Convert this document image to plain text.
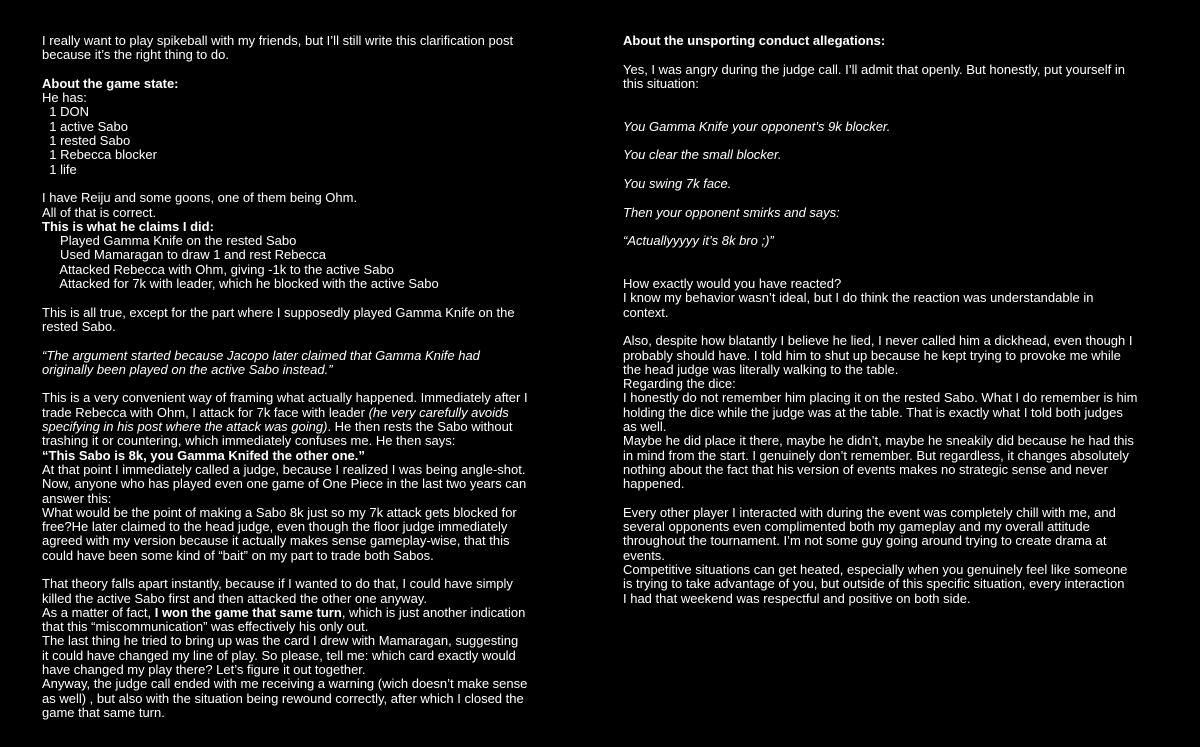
I really want to play spikeball with my friends, but I’ll still write this clarification post
because it’s the right thing to do.
About the game state:
He has:
1 DON
1 active Sabo
1 rested Sabo
1 Rebecca blocker
1 life
I have Reiju and some goons, one of them being Ohm.
All of that is correct.
This is what he claims I did:
Played Gamma Knife on the rested Sabo
Used Mamaragan to draw 1 and rest Rebecca
Attacked Rebecca with Ohm, giving -1k to the active Sabo
Attacked for 7k with leader, which he blocked with the active Sabo
This is all true, except for the part where I supposedly played Gamma Knife on the
rested Sabo.
“The argument started because Jacopo later claimed that Gamma Knife had
originally been played on the active Sabo instead.”
This is a very convenient way of framing what actually happened. Immediately after I
trade Rebecca with Ohm, I attack for 7k face with leader (he very carefully avoids
specifying in his post where the attack was going). He then rests the Sabo without
trashing it or countering, which immediately confuses me. He then says:
“This Sabo is 8k, you Gamma Knifed the other one.”
At that point I immediately called a judge, because I realized I was being angle-shot.
Now, anyone who has played even one game of One Piece in the last two years can
answer this:
What would be the point of making a Sabo 8k just so my 7k attack gets blocked for
free?He later claimed to the head judge, even though the floor judge immediately
agreed with my version because it actually makes sense gameplay-wise, that this
could have been some kind of “bait” on my part to trade both Sabos.
That theory falls apart instantly, because if I wanted to do that, I could have simply
killed the active Sabo first and then attacked the other one anyway.
As a matter of fact, I won the game that same turn, which is just another indication
that this “miscommunication” was effectively his only out.
The last thing he tried to bring up was the card I drew with Mamaragan, suggesting
it could have changed my line of play. So please, tell me: which card exactly would
have changed my play there? Let’s figure it out together.
Anyway, the judge call ended with me receiving a warning (wich doesn’t make sense
as well) , but also with the situation being rewound correctly, after which I closed the
game that same turn.
About the unsporting conduct allegations:
Yes, I was angry during the judge call. I’ll admit that openly. But honestly, put yourself in
this situation:
You Gamma Knife your opponent’s 9k blocker.
You clear the small blocker.
You swing 7k face.
Then your opponent smirks and says:
“Actuallyyyyy it’s 8k bro ;)”
How exactly would you have reacted?
I know my behavior wasn’t ideal, but I do think the reaction was understandable in
context.
Also, despite how blatantly I believe he lied, I never called him a dickhead, even though I
probably should have. I told him to shut up because he kept trying to provoke me while
the head judge was literally walking to the table.
Regarding the dice:
I honestly do not remember him placing it on the rested Sabo. What I do remember is him
holding the dice while the judge was at the table. That is exactly what I told both judges
as well.
Maybe he did place it there, maybe he didn’t, maybe he sneakily did because he had this
in mind from the start. I genuinely don’t remember. But regardless, it changes absolutely
nothing about the fact that his version of events makes no strategic sense and never
happened.
Every other player I interacted with during the event was completely chill with me, and
several opponents even complimented both my gameplay and my overall attitude
throughout the tournament. I’m not some guy going around trying to create drama at
events.
Competitive situations can get heated, especially when you genuinely feel like someone
is trying to take advantage of you, but outside of this specific situation, every interaction
I had that weekend was respectful and positive on both side.
